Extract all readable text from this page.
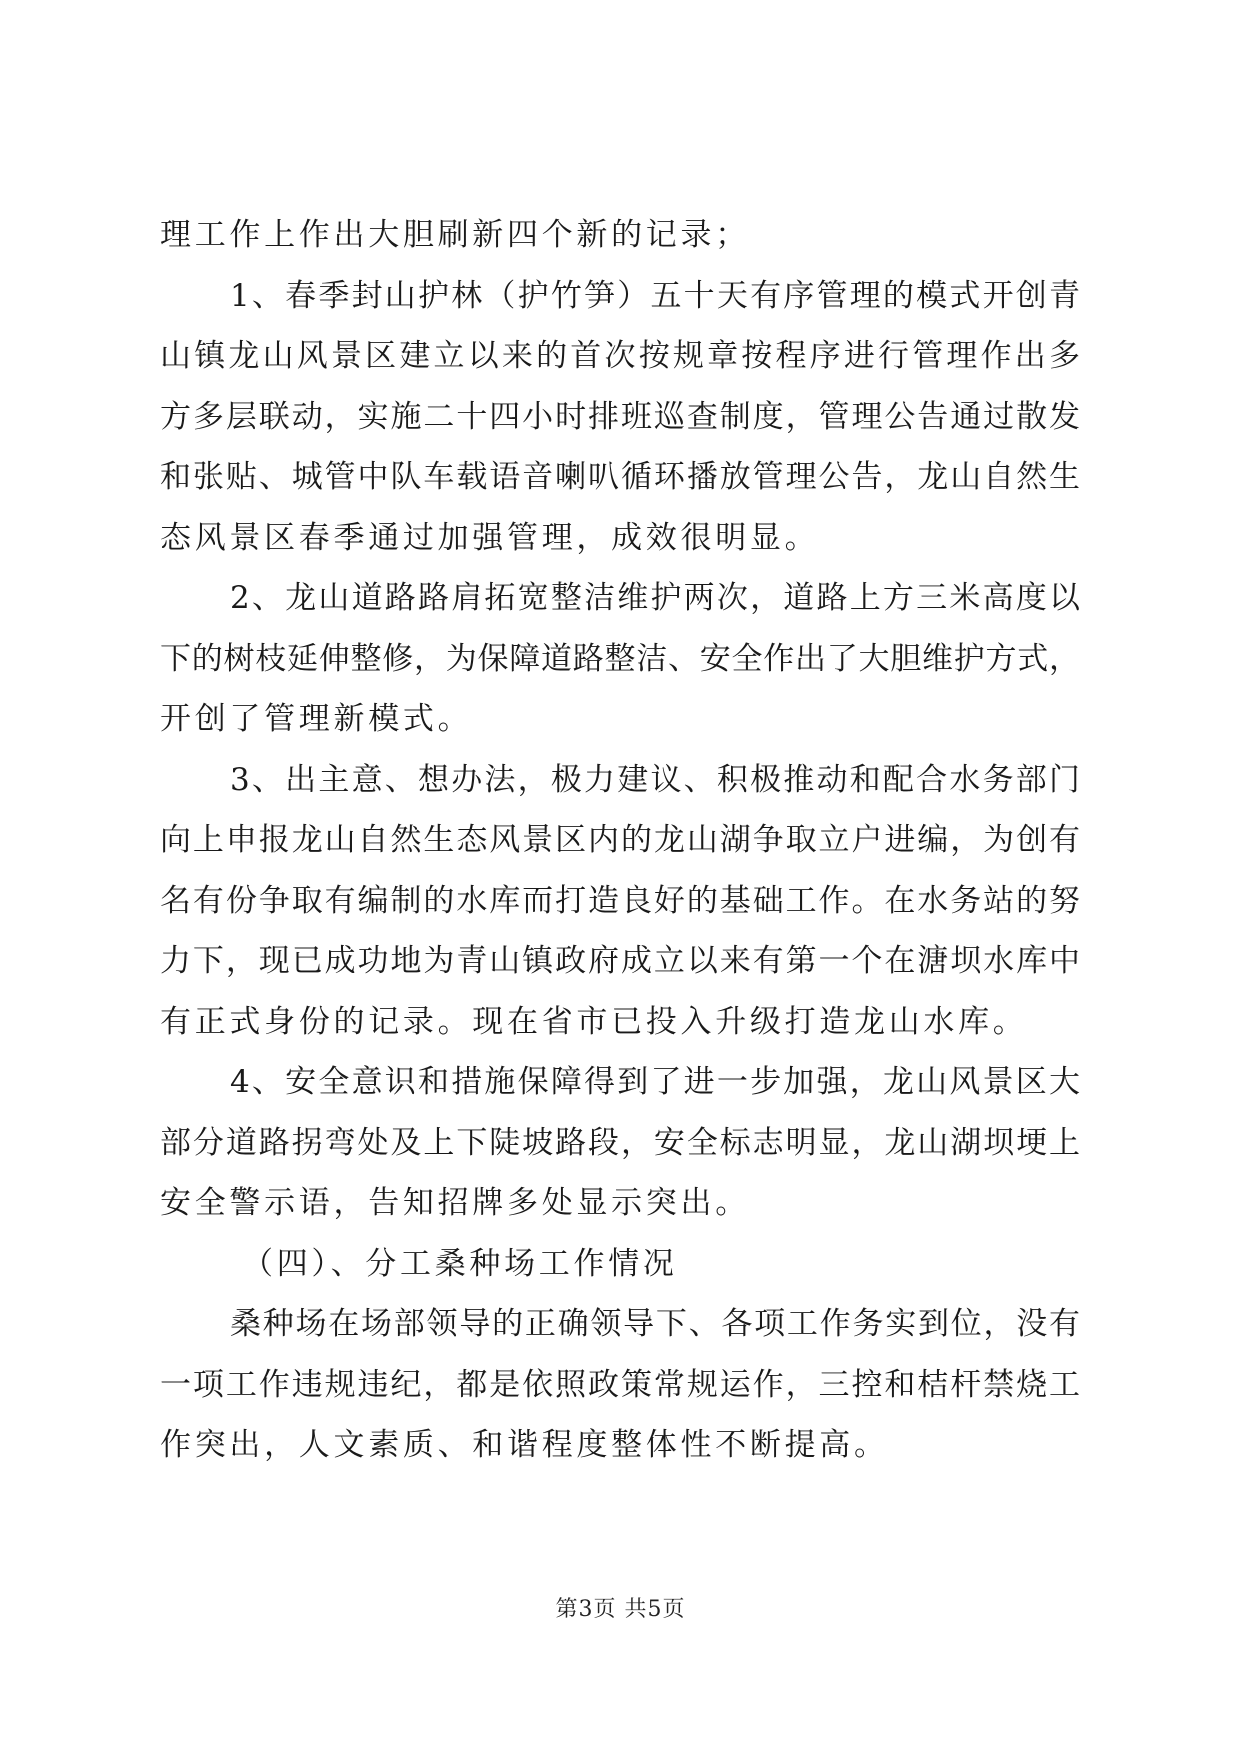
理工作上作出大胆刷新四个新的记录；
1、春季封山护林（护竹笋）五十天有序管理的模式开创青
山镇龙山风景区建立以来的首次按规章按程序进行管理作出多
方多层联动，实施二十四小时排班巡查制度，管理公告通过散发
和张贴、城管中队车载语音喇叭循环播放管理公告，龙山自然生
态风景区春季通过加强管理，成效很明显。
2、龙山道路路肩拓宽整洁维护两次，道路上方三米高度以
下的树枝延伸整修，为保障道路整洁、安全作出了大胆维护方式，
开创了管理新模式。
3、出主意、想办法，极力建议、积极推动和配合水务部门
向上申报龙山自然生态风景区内的龙山湖争取立户进编，为创有
名有份争取有编制的水库而打造良好的基础工作。在水务站的努
力下，现已成功地为青山镇政府成立以来有第一个在溏坝水库中
有正式身份的记录。现在省市已投入升级打造龙山水库。
4、安全意识和措施保障得到了进一步加强，龙山风景区大
部分道路拐弯处及上下陡坡路段，安全标志明显，龙山湖坝埂上
安全警示语，告知招牌多处显示突出。
（四）、分工桑种场工作情况
桑种场在场部领导的正确领导下、各项工作务实到位，没有
一项工作违规违纪，都是依照政策常规运作，三控和桔杆禁烧工
作突出，人文素质、和谐程度整体性不断提高。
第3页 共5页
